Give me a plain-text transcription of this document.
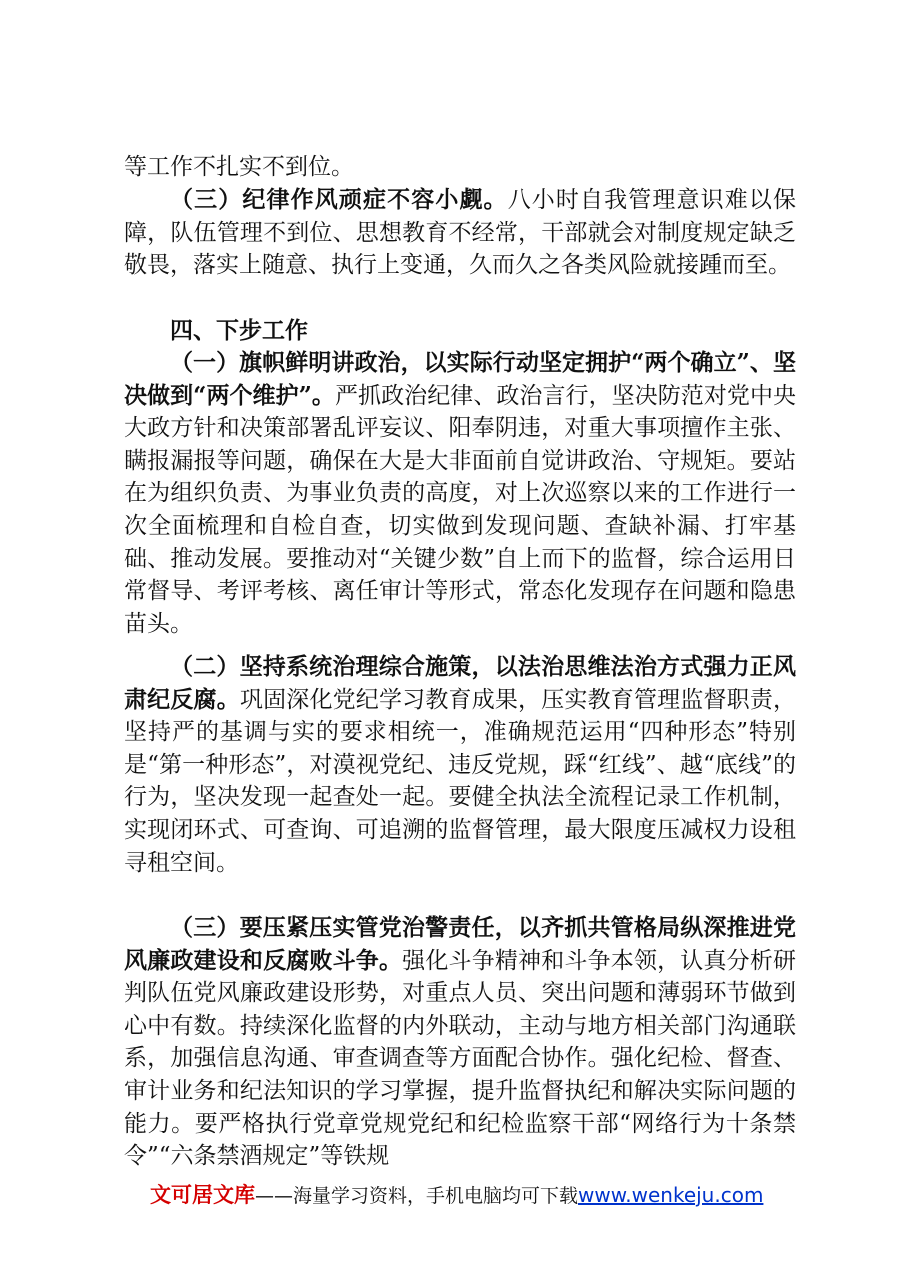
等工作不扎实不到位。

（三）纪律作风顽症不容小觑。八小时自我管理意识难以保障，队伍管理不到位、思想教育不经常，干部就会对制度规定缺乏敬畏，落实上随意、执行上变通，久而久之各类风险就接踵而至。

四、下步工作

（一）旗帜鲜明讲政治，以实际行动坚定拥护“两个确立”、坚决做到“两个维护”。严抓政治纪律、政治言行，坚决防范对党中央大政方针和决策部署乱评妄议、阳奉阴违，对重大事项擅作主张、瞒报漏报等问题，确保在大是大非面前自觉讲政治、守规矩。要站在为组织负责、为事业负责的高度，对上次巡察以来的工作进行一次全面梳理和自检自查，切实做到发现问题、查缺补漏、打牢基础、推动发展。要推动对“关键少数”自上而下的监督，综合运用日常督导、考评考核、离任审计等形式，常态化发现存在问题和隐患苗头。

（二）坚持系统治理综合施策，以法治思维法治方式强力正风肃纪反腐。巩固深化党纪学习教育成果，压实教育管理监督职责，坚持严的基调与实的要求相统一，准确规范运用“四种形态”特别是“第一种形态”，对漠视党纪、违反党规，踩“红线”、越“底线”的行为，坚决发现一起查处一起。要健全执法全流程记录工作机制，实现闭环式、可查询、可追溯的监督管理，最大限度压减权力设租寻租空间。

（三）要压紧压实管党治警责任，以齐抓共管格局纵深推进党风廉政建设和反腐败斗争。强化斗争精神和斗争本领，认真分析研判队伍党风廉政建设形势，对重点人员、突出问题和薄弱环节做到心中有数。持续深化监督的内外联动，主动与地方相关部门沟通联系，加强信息沟通、审查调查等方面配合协作。强化纪检、督查、审计业务和纪法知识的学习掌握，提升监督执纪和解决实际问题的能力。要严格执行党章党规党纪和纪检监察干部“网络行为十条禁令”“六条禁酒规定”等铁规

文可居文库——海量学习资料，手机电脑均可下载www.wenkeju.com
